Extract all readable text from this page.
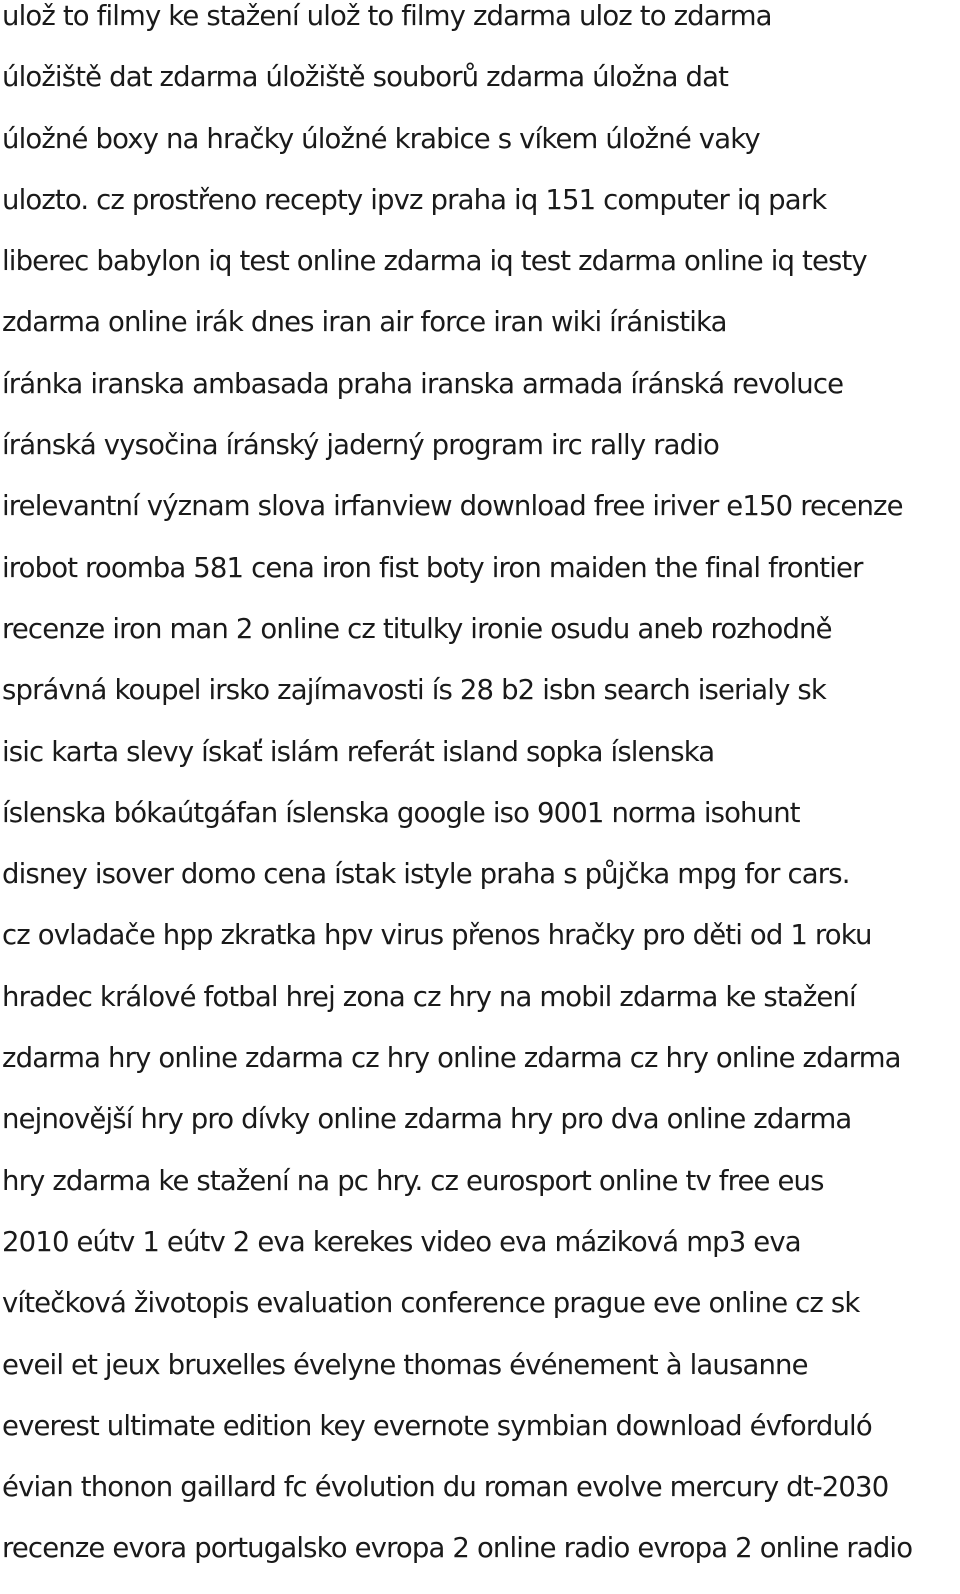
ulož to filmy ke stažení ulož to filmy zdarma uloz to zdarma
úložiště dat zdarma úložiště souborů zdarma úložna dat
úložné boxy na hračky úložné krabice s víkem úložné vaky
ulozto. cz prostřeno recepty ipvz praha iq 151 computer iq park
liberec babylon iq test online zdarma iq test zdarma online iq testy
zdarma online irák dnes iran air force iran wiki íránistika
íránka iranska ambasada praha iranska armada íránská revoluce
íránská vysočina íránský jaderný program irc rally radio
irelevantní význam slova irfanview download free iriver e150 recenze
irobot roomba 581 cena iron fist boty iron maiden the final frontier
recenze iron man 2 online cz titulky ironie osudu aneb rozhodně
správná koupel irsko zajímavosti ís 28 b2 isbn search iserialy sk
isic karta slevy ískať islám referát island sopka íslenska
íslenska bókaútgáfan íslenska google iso 9001 norma isohunt
disney isover domo cena ístak istyle praha s půjčka mpg for cars.
cz ovladače hpp zkratka hpv virus přenos hračky pro děti od 1 roku
hradec králové fotbal hrej zona cz hry na mobil zdarma ke stažení
zdarma hry online zdarma cz hry online zdarma cz hry online zdarma
nejnovější hry pro dívky online zdarma hry pro dva online zdarma
hry zdarma ke stažení na pc hry. cz eurosport online tv free eus
2010 eútv 1 eútv 2 eva kerekes video eva máziková mp3 eva
vítečková životopis evaluation conference prague eve online cz sk
eveil et jeux bruxelles évelyne thomas événement à lausanne
everest ultimate edition key evernote symbian download évforduló
évian thonon gaillard fc évolution du roman evolve mercury dt-2030
recenze evora portugalsko evropa 2 online radio evropa 2 online radio
